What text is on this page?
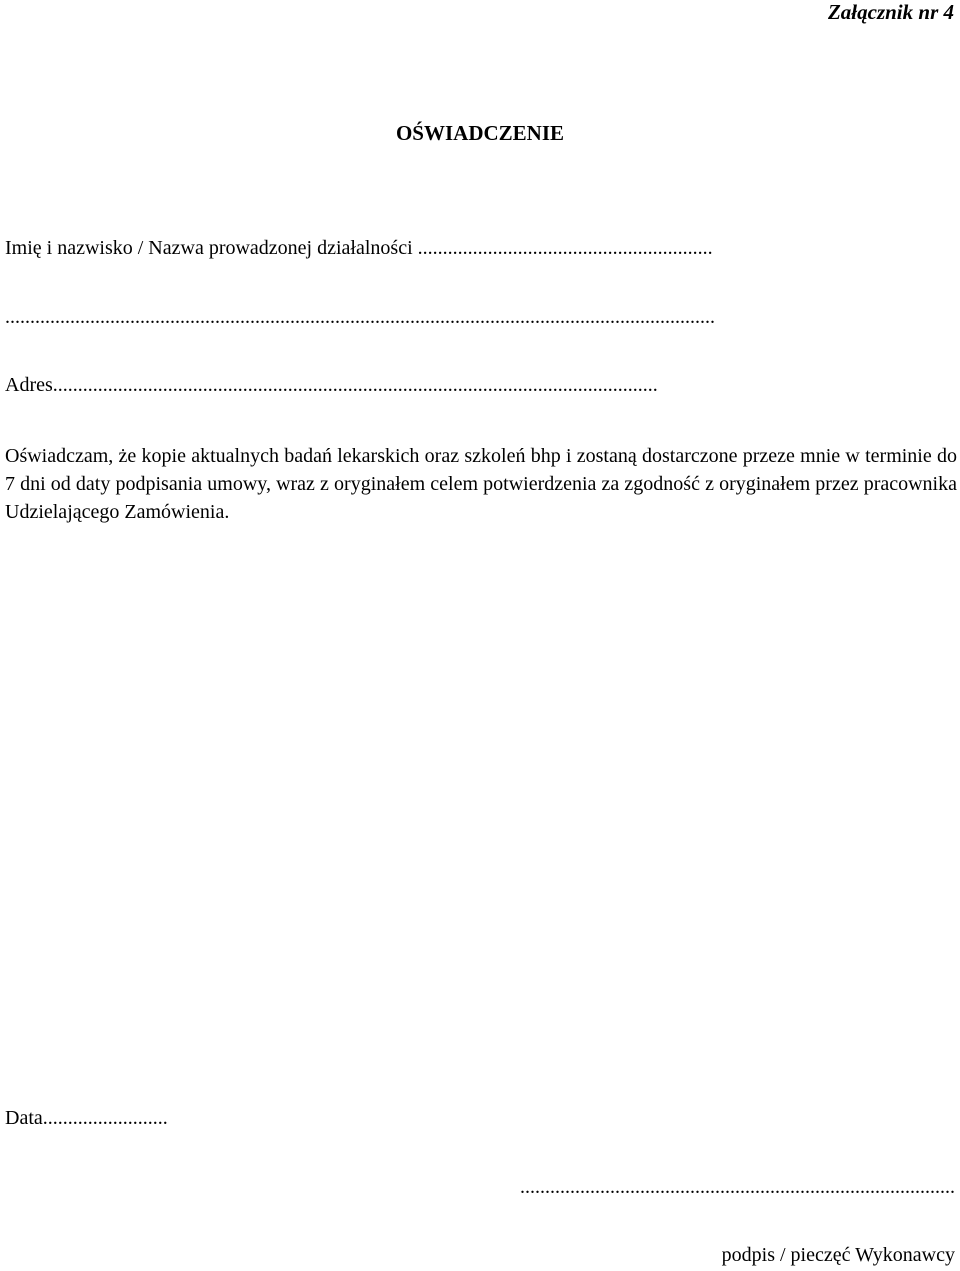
Załącznik nr 4
OŚWIADCZENIE
Imię i nazwisko / Nazwa prowadzonej działalności ...........................................................
..............................................................................................................................................
Adres.........................................................................................................................
Oświadczam, że kopie aktualnych badań lekarskich oraz szkoleń bhp i zostaną dostarczone przeze mnie w terminie do 7 dni od daty podpisania umowy, wraz z oryginałem celem potwierdzenia za zgodność z oryginałem przez pracownika Udzielającego Zamówienia.
Data.........................
.......................................................................................
podpis / pieczęć Wykonawcy
